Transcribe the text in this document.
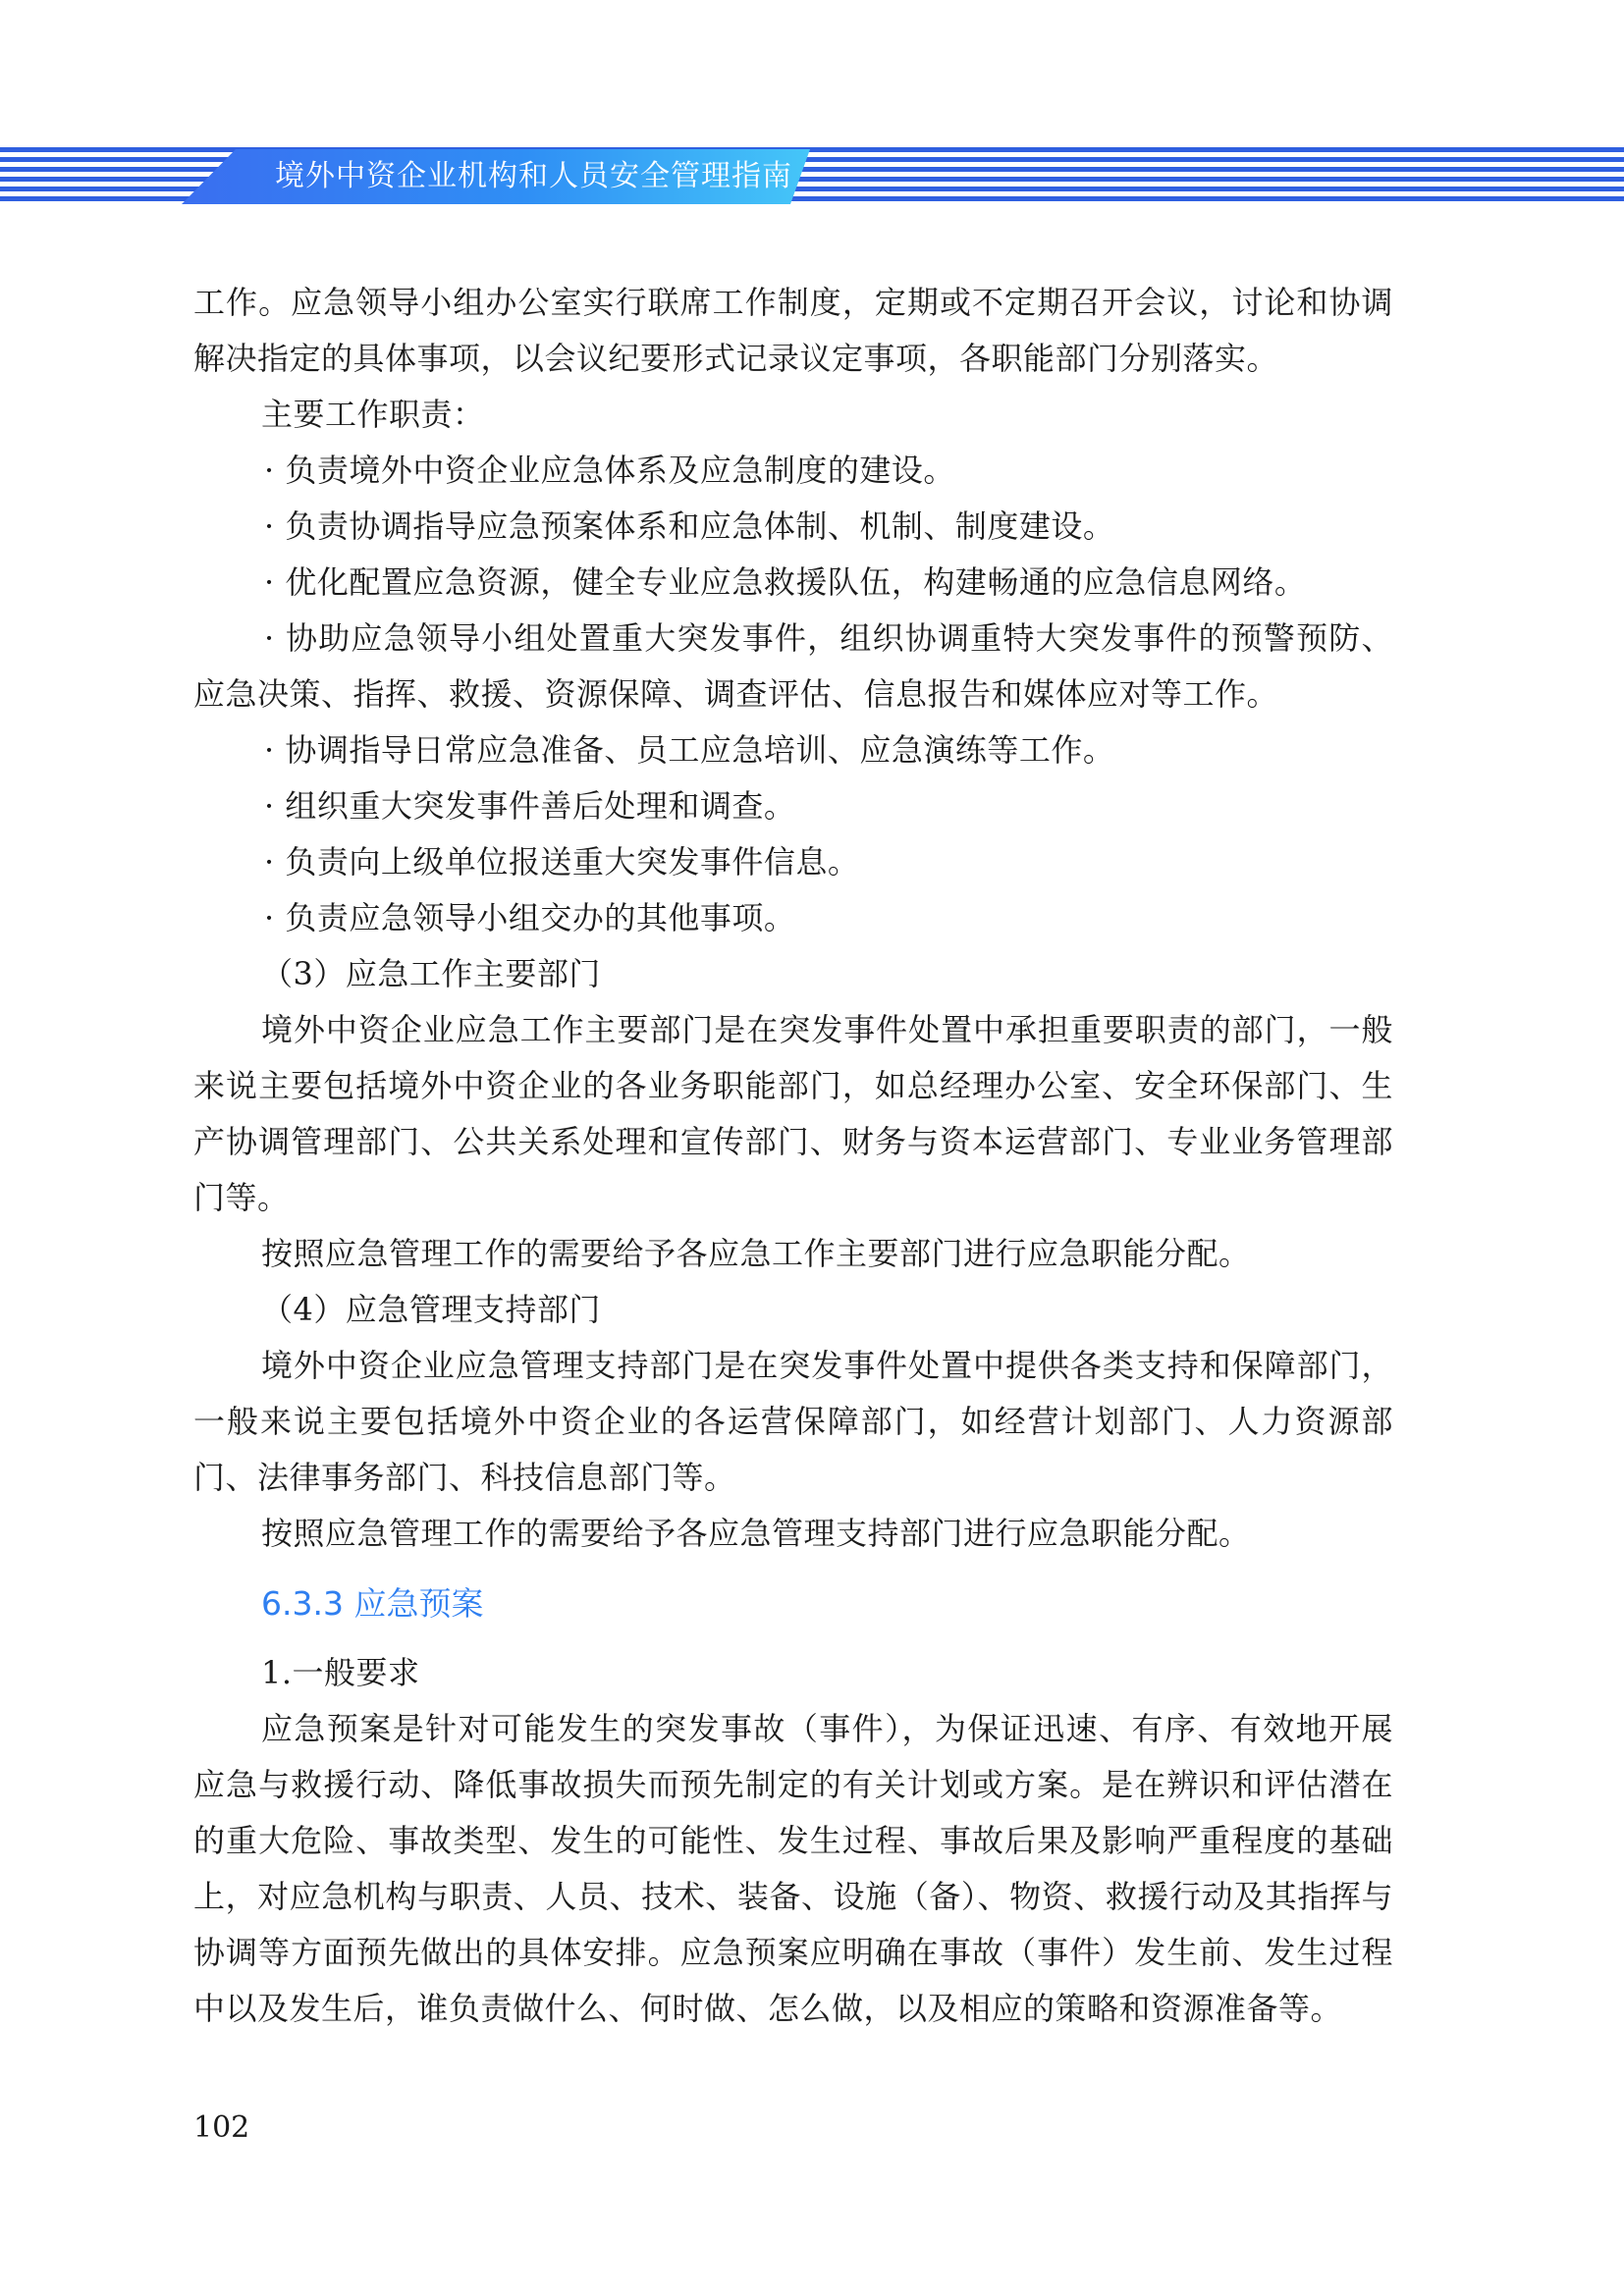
境外中资企业机构和人员安全管理指南

工作。应急领导小组办公室实行联席工作制度，定期或不定期召开会议，讨论和协调解决指定的具体事项，以会议纪要形式记录议定事项，各职能部门分别落实。

主要工作职责：

· 负责境外中资企业应急体系及应急制度的建设。

· 负责协调指导应急预案体系和应急体制、机制、制度建设。

· 优化配置应急资源，健全专业应急救援队伍，构建畅通的应急信息网络。

· 协助应急领导小组处置重大突发事件，组织协调重特大突发事件的预警预防、应急决策、指挥、救援、资源保障、调查评估、信息报告和媒体应对等工作。

· 协调指导日常应急准备、员工应急培训、应急演练等工作。

· 组织重大突发事件善后处理和调查。

· 负责向上级单位报送重大突发事件信息。

· 负责应急领导小组交办的其他事项。

（3）应急工作主要部门

境外中资企业应急工作主要部门是在突发事件处置中承担重要职责的部门，一般来说主要包括境外中资企业的各业务职能部门，如总经理办公室、安全环保部门、生产协调管理部门、公共关系处理和宣传部门、财务与资本运营部门、专业业务管理部门等。

按照应急管理工作的需要给予各应急工作主要部门进行应急职能分配。

（4）应急管理支持部门

境外中资企业应急管理支持部门是在突发事件处置中提供各类支持和保障部门，一般来说主要包括境外中资企业的各运营保障部门，如经营计划部门、人力资源部门、法律事务部门、科技信息部门等。

按照应急管理工作的需要给予各应急管理支持部门进行应急职能分配。

6.3.3 应急预案

1.一般要求

应急预案是针对可能发生的突发事故（事件），为保证迅速、有序、有效地开展应急与救援行动、降低事故损失而预先制定的有关计划或方案。是在辨识和评估潜在的重大危险、事故类型、发生的可能性、发生过程、事故后果及影响严重程度的基础上，对应急机构与职责、人员、技术、装备、设施（备）、物资、救援行动及其指挥与协调等方面预先做出的具体安排。应急预案应明确在事故（事件）发生前、发生过程中以及发生后，谁负责做什么、何时做、怎么做，以及相应的策略和资源准备等。

102
